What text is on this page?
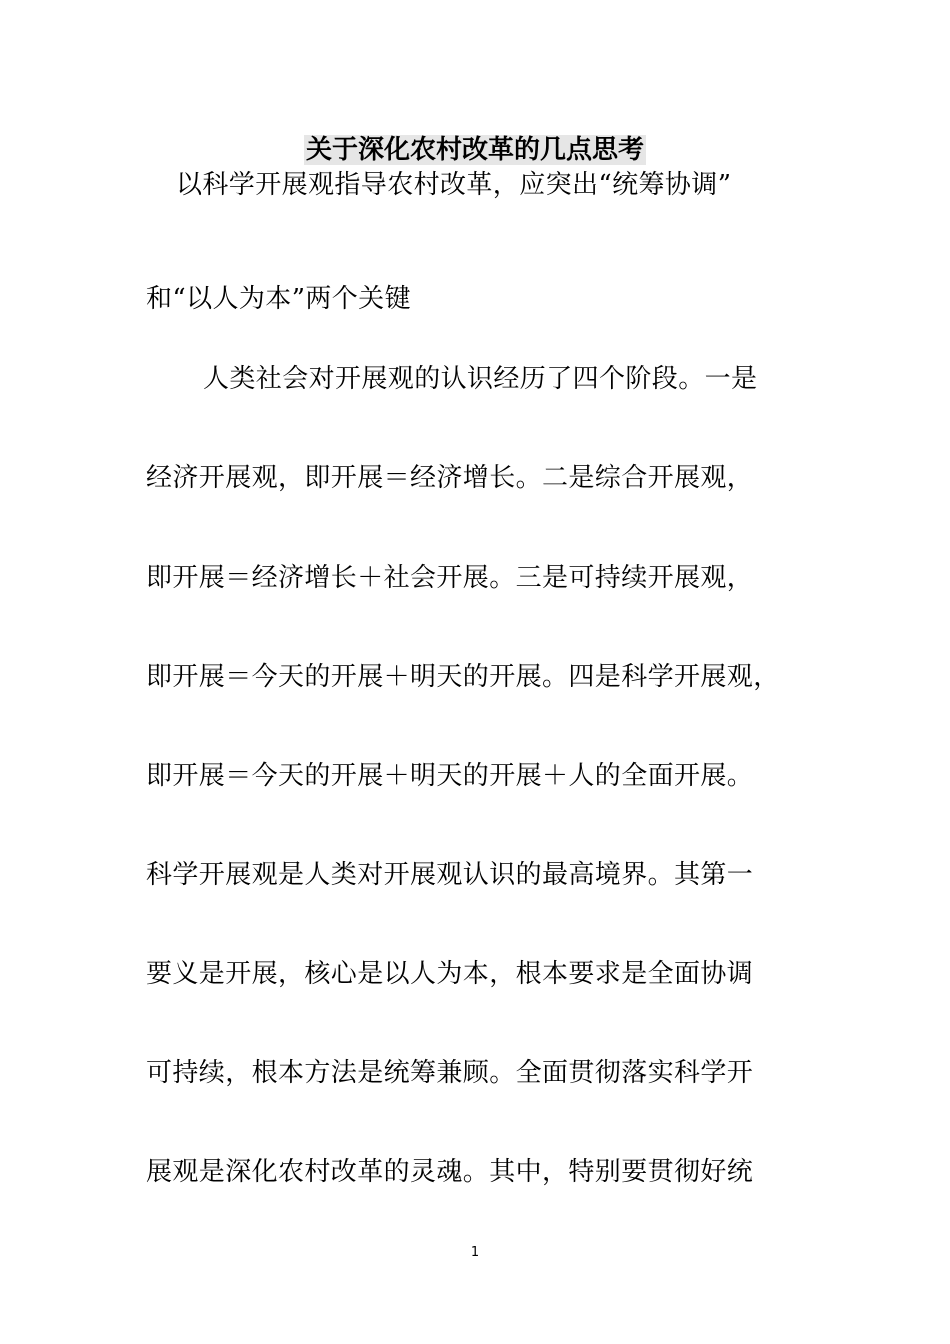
关于深化农村改革的几点思考
以科学开展观指导农村改革，应突出“统筹协调”
和“以人为本”两个关键
人类社会对开展观的认识经历了四个阶段。一是
经济开展观，即开展＝经济增长。二是综合开展观，
即开展＝经济增长＋社会开展。三是可持续开展观，
即开展＝今天的开展＋明天的开展。四是科学开展观，
即开展＝今天的开展＋明天的开展＋人的全面开展。
科学开展观是人类对开展观认识的最高境界。其第一
要义是开展，核心是以人为本，根本要求是全面协调
可持续，根本方法是统筹兼顾。全面贯彻落实科学开
展观是深化农村改革的灵魂。其中，特别要贯彻好统
1
